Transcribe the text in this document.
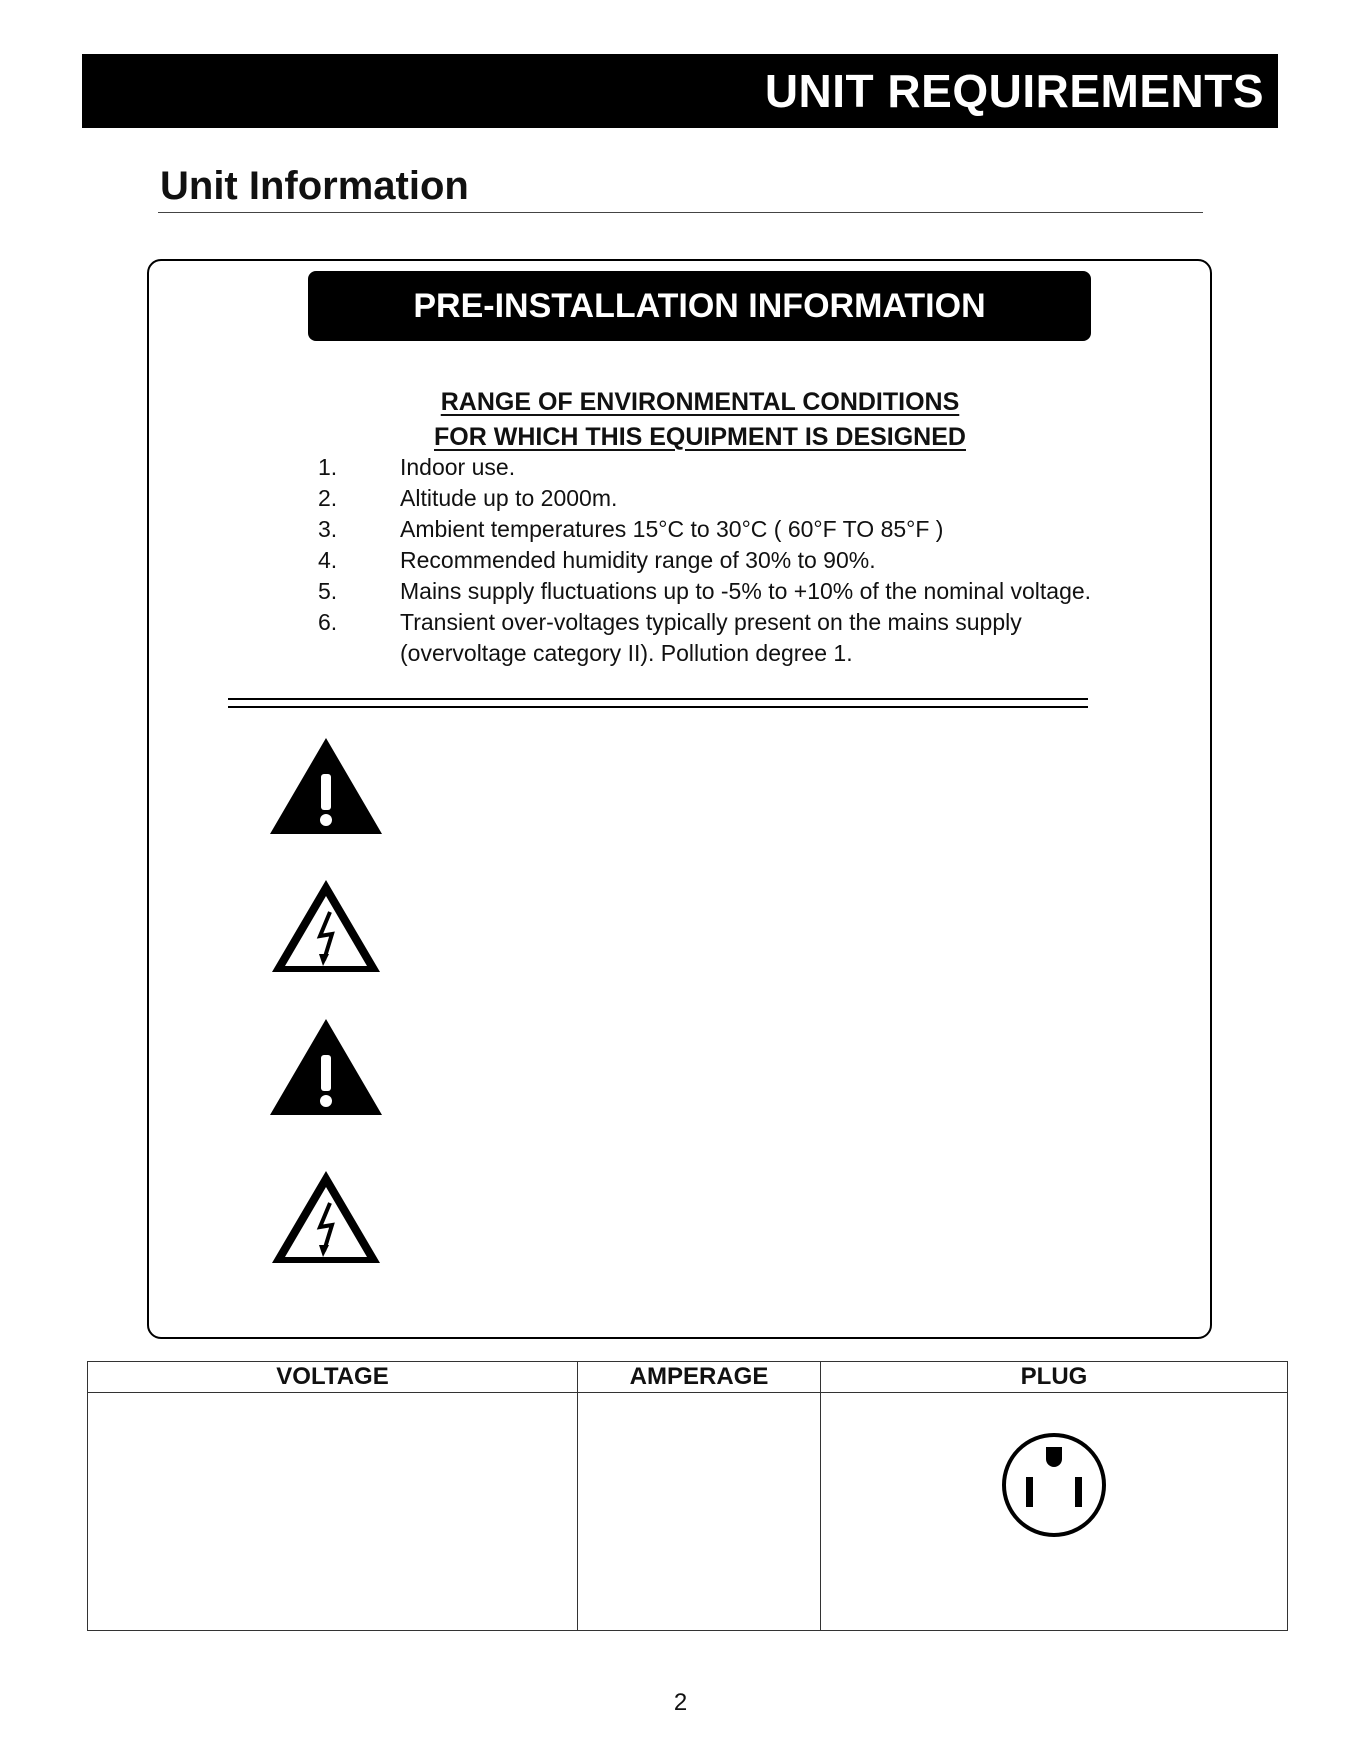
UNIT REQUIREMENTS
Unit Information
PRE-INSTALLATION INFORMATION
RANGE OF ENVIRONMENTAL CONDITIONS
FOR WHICH THIS EQUIPMENT IS DESIGNED
1.	Indoor use.
2.	Altitude up to 2000m.
3.	Ambient temperatures 15°C to 30°C ( 60°F TO 85°F )
4.	Recommended humidity range of 30% to 90%.
5.	Mains supply fluctuations up to -5% to +10% of the nominal voltage.
6.	Transient over-voltages typically present on the mains supply
(overvoltage category II). Pollution degree 1.
VOLTAGE	AMPERAGE	PLUG

2
